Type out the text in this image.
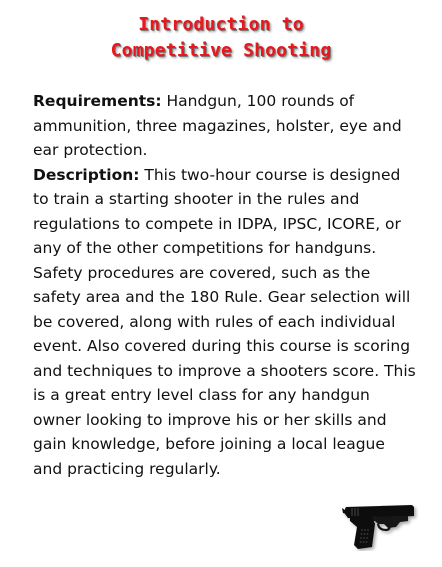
Introduction to
Competitive Shooting

Requirements: Handgun, 100 rounds of ammunition, three magazines, holster, eye and ear protection.

Description: This two-hour course is designed to train a starting shooter in the rules and regulations to compete in IDPA, IPSC, ICORE, or any of the other competitions for handguns. Safety procedures are covered, such as the safety area and the 180 Rule. Gear selection will be covered, along with rules of each individual event. Also covered during this course is scoring and techniques to improve a shooters score. This is a great entry level class for any handgun owner looking to improve his or her skills and gain knowledge, before joining a local league and practicing regularly.
